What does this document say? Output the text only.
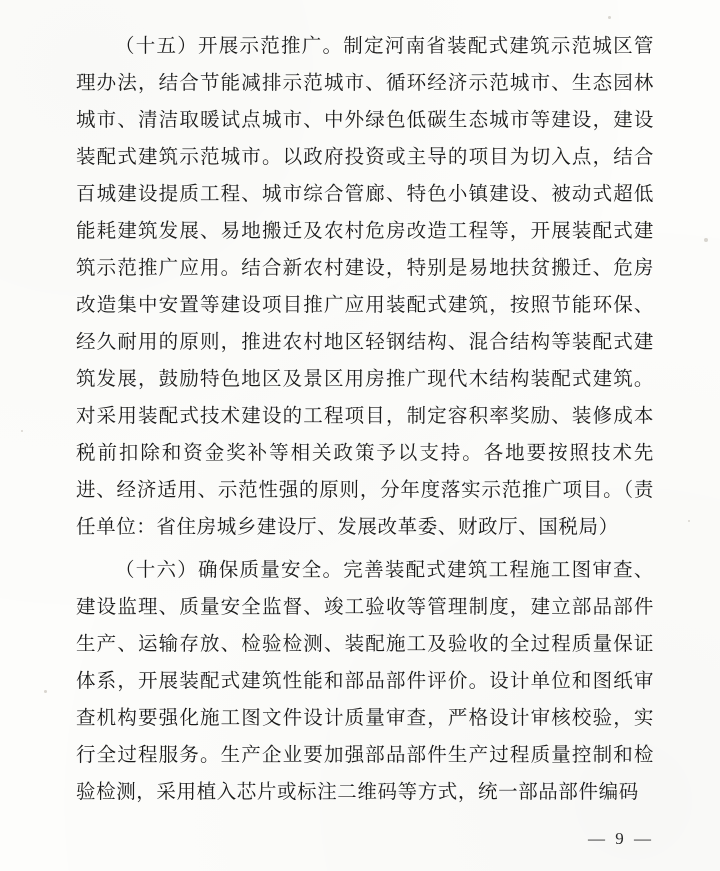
（十五）开展示范推广。制定河南省装配式建筑示范城区管理办法，结合节能减排示范城市、循环经济示范城市、生态园林城市、清洁取暖试点城市、中外绿色低碳生态城市等建设，建设装配式建筑示范城市。以政府投资或主导的项目为切入点，结合百城建设提质工程、城市综合管廊、特色小镇建设、被动式超低能耗建筑发展、易地搬迁及农村危房改造工程等，开展装配式建筑示范推广应用。结合新农村建设，特别是易地扶贫搬迁、危房改造集中安置等建设项目推广应用装配式建筑，按照节能环保、经久耐用的原则，推进农村地区轻钢结构、混合结构等装配式建筑发展，鼓励特色地区及景区用房推广现代木结构装配式建筑。对采用装配式技术建设的工程项目，制定容积率奖励、装修成本税前扣除和资金奖补等相关政策予以支持。各地要按照技术先进、经济适用、示范性强的原则，分年度落实示范推广项目。（责任单位：省住房城乡建设厅、发展改革委、财政厅、国税局）

（十六）确保质量安全。完善装配式建筑工程施工图审查、建设监理、质量安全监督、竣工验收等管理制度，建立部品部件生产、运输存放、检验检测、装配施工及验收的全过程质量保证体系，开展装配式建筑性能和部品部件评价。设计单位和图纸审查机构要强化施工图文件设计质量审查，严格设计审核校验，实行全过程服务。生产企业要加强部品部件生产过程质量控制和检验检测，采用植入芯片或标注二维码等方式，统一部品部件编码

— 9 —
